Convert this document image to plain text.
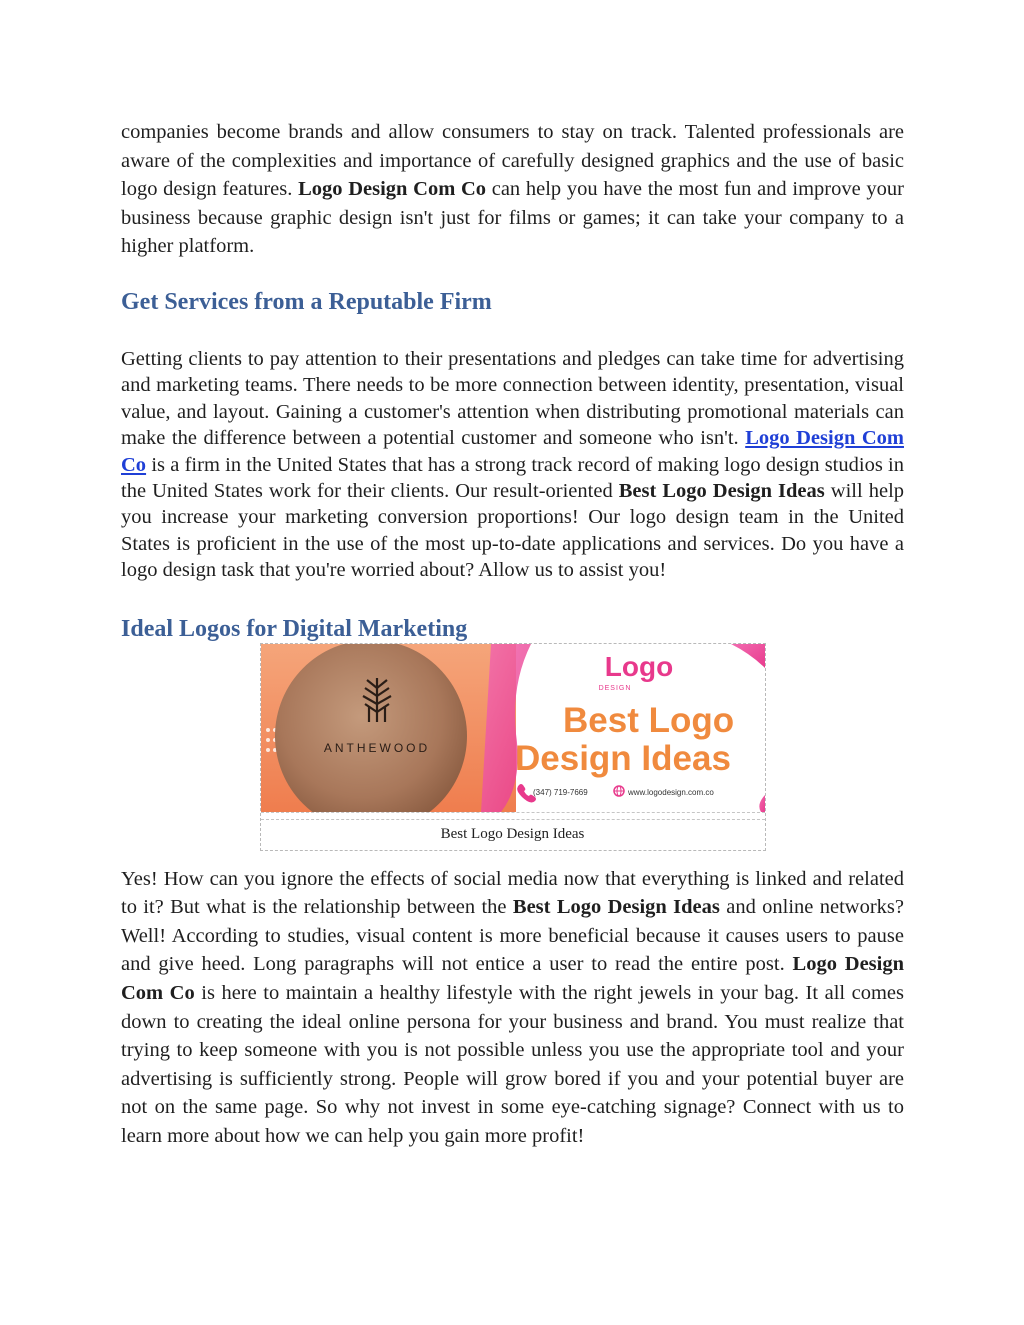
companies become brands and allow consumers to stay on track. Talented professionals are aware of the complexities and importance of carefully designed graphics and the use of basic logo design features. Logo Design Com Co can help you have the most fun and improve your business because graphic design isn't just for films or games; it can take your company to a higher platform.

Get Services from a Reputable Firm

Getting clients to pay attention to their presentations and pledges can take time for advertising and marketing teams. There needs to be more connection between identity, presentation, visual value, and layout. Gaining a customer's attention when distributing promotional materials can make the difference between a potential customer and someone who isn't. Logo Design Com Co is a firm in the United States that has a strong track record of making logo design studios in the United States work for their clients. Our result-oriented Best Logo Design Ideas will help you increase your marketing conversion proportions! Our logo design team in the United States is proficient in the use of the most up-to-date applications and services. Do you have a logo design task that you're worried about? Allow us to assist you!

Ideal Logos for Digital Marketing
ANTHEWOOD
Logo
DESIGN
Best Logo
Design Ideas
(347) 719-7669	www.logodesign.com.co
Best Logo Design Ideas

Yes! How can you ignore the effects of social media now that everything is linked and related to it? But what is the relationship between the Best Logo Design Ideas and online networks? Well! According to studies, visual content is more beneficial because it causes users to pause and give heed. Long paragraphs will not entice a user to read the entire post. Logo Design Com Co is here to maintain a healthy lifestyle with the right jewels in your bag. It all comes down to creating the ideal online persona for your business and brand. You must realize that trying to keep someone with you is not possible unless you use the appropriate tool and your advertising is sufficiently strong. People will grow bored if you and your potential buyer are not on the same page. So why not invest in some eye-catching signage? Connect with us to learn more about how we can help you gain more profit!
